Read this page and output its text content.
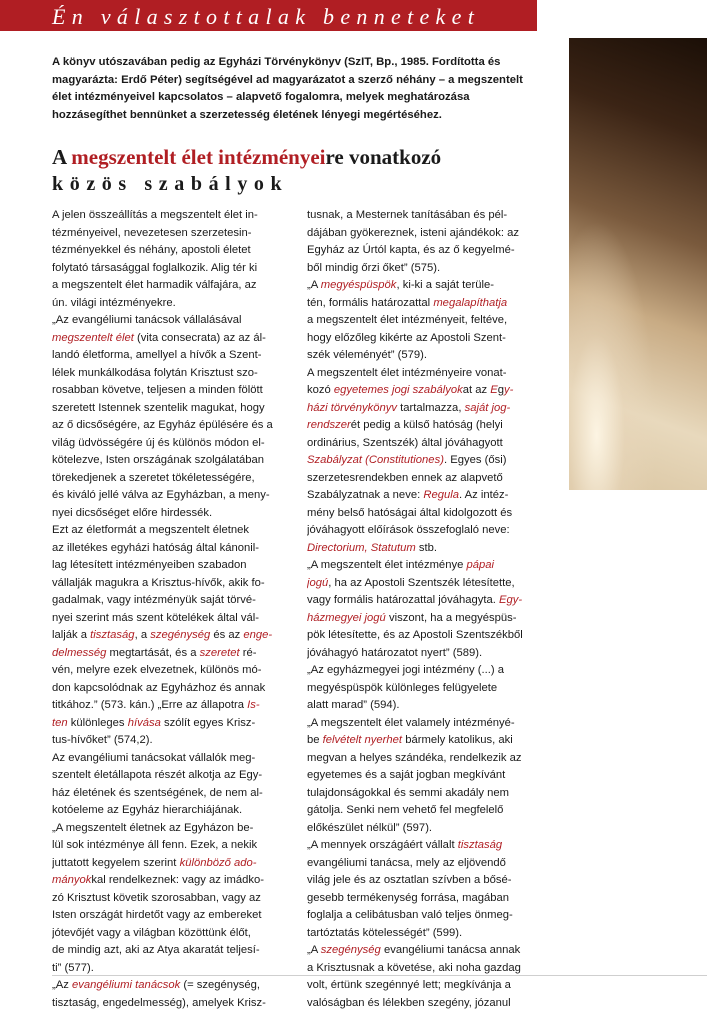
Én választottalak benneteket

A könyv utószavában pedig az Egyházi Törvénykönyv (SzIT, Bp., 1985. Fordította és magyarázta: Erdő Péter) segítségével ad magyarázatot a szerző néhány – a megszentelt élet intézményeivel kapcsolatos – alapvető fogalomra, melyek meghatározása hozzásegíthet bennünket a szerzetesség életének lényegi megértéséhez.

A megszentelt élet intézményeire vonatkozó
közös szabályok
A jelen összeállítás a megszentelt élet in-
tézményeivel, nevezetesen szerzetesin-
tézményekkel és néhány, apostoli életet
folytató társasággal foglalkozik. Alig tér ki
a megszentelt élet harmadik válfajára, az
ún. világi intézményekre.
„Az evangéliumi tanácsok vállalásával
megszentelt élet (vita consecrata) az az ál-
landó életforma, amellyel a hívők a Szent-
lélek munkálkodása folytán Krisztust szo-
rosabban követve, teljesen a minden fölött
szeretett Istennek szentelik magukat, hogy
az ő dicsőségére, az Egyház épülésére és a
világ üdvösségére új és különös módon el-
kötelezve, Isten országának szolgálatában
törekedjenek a szeretet tökéletességére,
és kiváló jellé válva az Egyházban, a meny-
nyei dicsőséget előre hirdessék.
Ezt az életformát a megszentelt életnek
az illetékes egyházi hatóság által kánonil-
lag létesített intézményeiben szabadon
vállalják magukra a Krisztus-hívők, akik fo-
gadalmak, vagy intézményük saját törvé-
nyei szerint más szent kötelékek által vál-
lalják a tisztaság, a szegénység és az enge-
delmesség megtartását, és a szeretet ré-
vén, melyre ezek elvezetnek, különös mó-
don kapcsolódnak az Egyházhoz és annak
titkához.” (573. kán.) „Erre az állapotra Is-
ten különleges hívása szólít egyes Krisz-
tus-hívőket” (574,2).
Az evangéliumi tanácsokat vállalók meg-
szentelt életállapota részét alkotja az Egy-
ház életének és szentségének, de nem al-
kotóeleme az Egyház hierarchiájának.
„A megszentelt életnek az Egyházon be-
lül sok intézménye áll fenn. Ezek, a nekik
juttatott kegyelem szerint különböző ado-
mányokkal rendelkeznek: vagy az imádko-
zó Krisztust követik szorosabban, vagy az
Isten országát hirdetőt vagy az embereket
jótevőjét vagy a világban közöttünk élőt,
de mindig azt, aki az Atya akaratát teljesí-
ti” (577).
„Az evangéliumi tanácsok (= szegénység,
tisztaság, engedelmesség), amelyek Krisz-
tusnak, a Mesternek tanításában és pél-
dájában gyökereznek, isteni ajándékok: az
Egyház az Úrtól kapta, és az ő kegyelmé-
ből mindig őrzi őket” (575).
„A megyéspüspök, ki-ki a saját terüle-
tén, formális határozattal megalapíthatja
a megszentelt élet intézményeit, feltéve,
hogy előzőleg kikérte az Apostoli Szent-
szék véleményét” (579).
A megszentelt élet intézményeire vonat-
kozó egyetemes jogi szabályokat az Egy-
házi törvénykönyv tartalmazza, saját jog-
rendszerét pedig a külső hatóság (helyi
ordinárius, Szentszék) által jóváhagyott
Szabályzat (Constitutiones). Egyes (ősi)
szerzetesrendekben ennek az alapvető
Szabályzatnak a neve: Regula. Az intéz-
mény belső hatóságai által kidolgozott és
jóváhagyott előírások összefoglaló neve:
Directorium, Statutum stb.
„A megszentelt élet intézménye pápai
jogú, ha az Apostoli Szentszék létesítette,
vagy formális határozattal jóváhagyta. Egy-
házmegyei jogú viszont, ha a megyéspüs-
pök létesítette, és az Apostoli Szentszékből
jóváhagyó határozatot nyert” (589).
„Az egyházmegyei jogi intézmény (...) a
megyéspüspök különleges felügyelete
alatt marad” (594).
„A megszentelt élet valamely intézményé-
be felvételt nyerhet bármely katolikus, aki
megvan a helyes szándéka, rendelkezik az
egyetemes és a saját jogban megkívánt
tulajdonságokkal és semmi akadály nem
gátolja. Senki nem vehető fel megfelelő
előkészület nélkül” (597).
„A mennyek országáért vállalt tisztaság
evangéliumi tanácsa, mely az eljövendő
világ jele és az osztatlan szívben a bősé-
gesebb termékenység forrása, magában
foglalja a celibátusban való teljes önmeg-
tartóztatás kötelességét” (599).
„A szegénység evangéliumi tanácsa annak
a Krisztusnak a követése, aki noha gazdag
volt, értünk szegénnyé lett; megkívánja a
valóságban és lélekben szegény, józanul
